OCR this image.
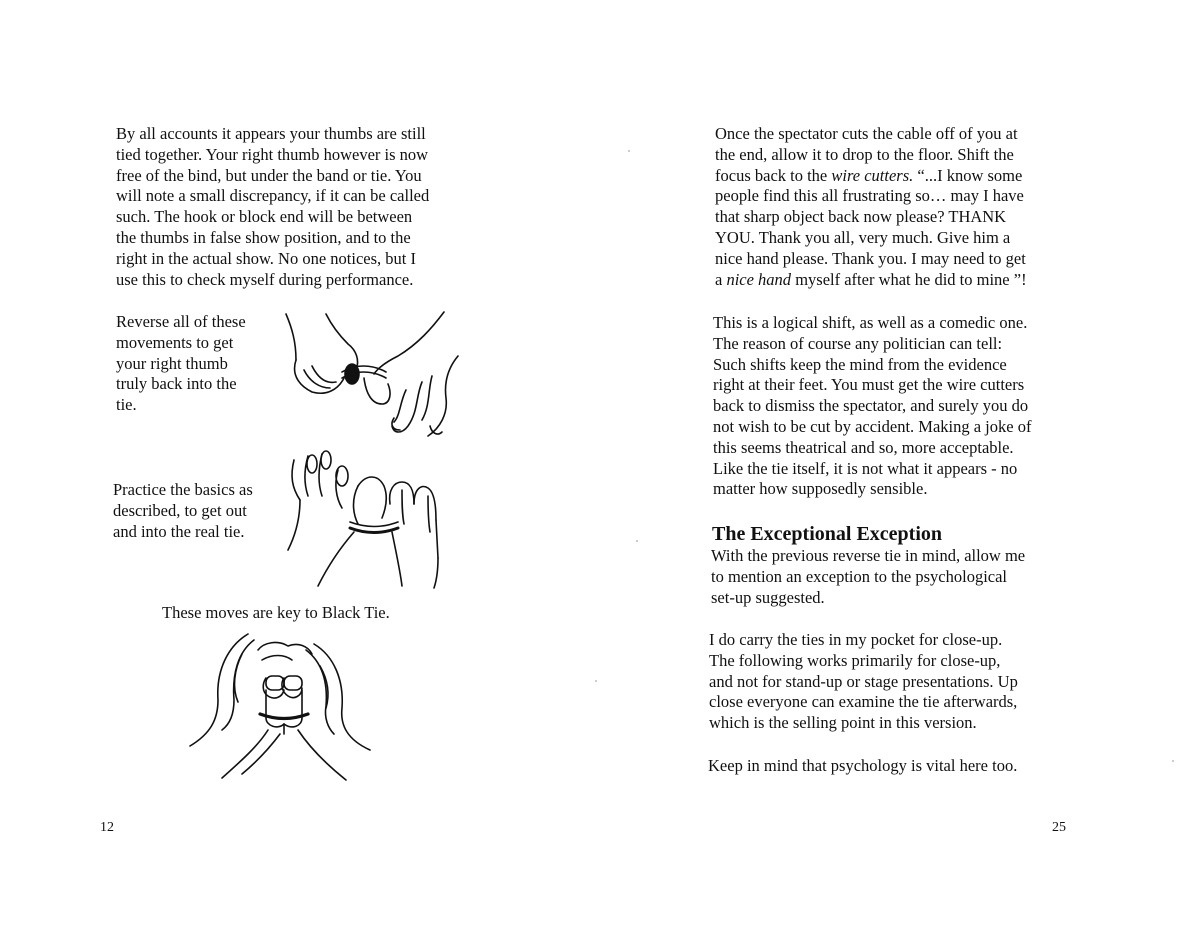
By all accounts it appears your thumbs are still
tied together. Your right thumb however is now
free of the bind, but under the band or tie. You
will note a small discrepancy, if it can be called
such. The hook or block end will be between
the thumbs in false show position, and to the
right in the actual show. No one notices, but I
use this to check myself during performance.

Reverse all of these
movements to get
your right thumb
truly back into the
tie.

Practice the basics as
described, to get out
and into the real tie.

These moves are key to Black Tie.

12

Once the spectator cuts the cable off of you at
the end, allow it to drop to the floor. Shift the
focus back to the wire cutters. “...I know some
people find this all frustrating so… may I have
that sharp object back now please? THANK
YOU. Thank you all, very much. Give him a
nice hand please. Thank you. I may need to get
a nice hand myself after what he did to mine ”!

This is a logical shift, as well as a comedic one.
The reason of course any politician can tell:
Such shifts keep the mind from the evidence
right at their feet. You must get the wire cutters
back to dismiss the spectator, and surely you do
not wish to be cut by accident. Making a joke of
this seems theatrical and so, more acceptable.
Like the tie itself, it is not what it appears - no
matter how supposedly sensible.

The Exceptional Exception

With the previous reverse tie in mind, allow me
to mention an exception to the psychological
set-up suggested.

I do carry the ties in my pocket for close-up.
The following works primarily for close-up,
and not for stand-up or stage presentations. Up
close everyone can examine the tie afterwards,
which is the selling point in this version.

Keep in mind that psychology is vital here too.

25
